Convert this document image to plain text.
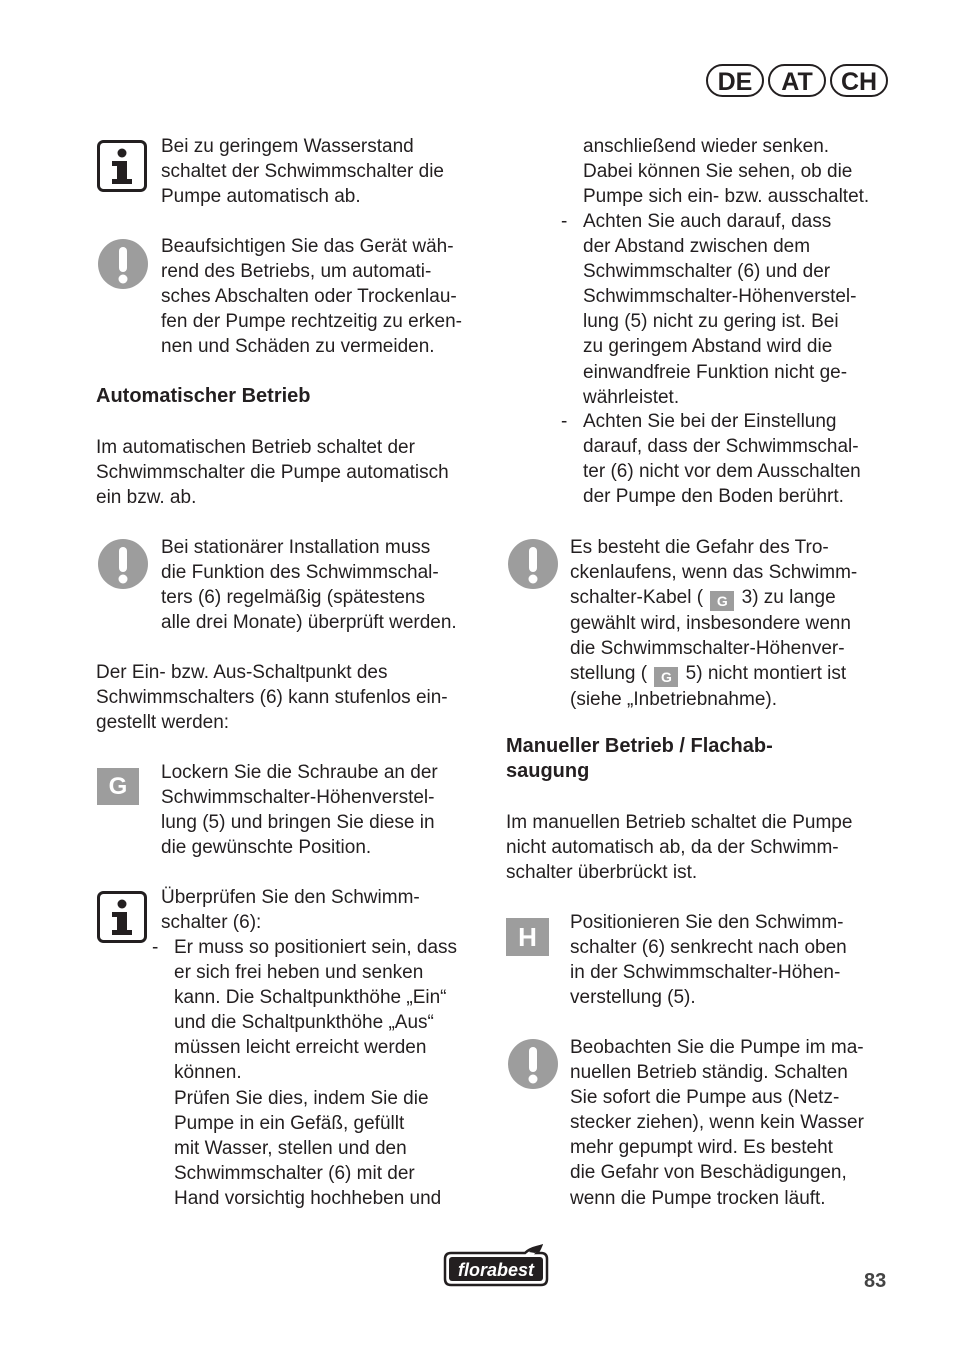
DE	AT	CH
Bei zu geringem Wasserstand
schaltet der Schwimmschalter die
Pumpe automatisch ab.
Beaufsichtigen Sie das Gerät wäh-
rend des Betriebs, um automati-
sches Abschalten oder Trockenlau-
fen der Pumpe rechtzeitig zu erken-
nen und Schäden zu vermeiden.
Automatischer Betrieb
Im automatischen Betrieb schaltet der
Schwimmschalter die Pumpe automatisch
ein bzw. ab.
Bei stationärer Installation muss
die Funktion des Schwimmschal-
ters (6) regelmäßig (spätestens
alle drei Monate) überprüft werden.
Der Ein- bzw. Aus-Schaltpunkt des
Schwimmschalters (6) kann stufenlos ein-
gestellt werden:
G	Lockern Sie die Schraube an der
Schwimmschalter-Höhenverstel-
lung (5) und bringen Sie diese in
die gewünschte Position.
Überprüfen Sie den Schwimm-
schalter (6):
- Er muss so positioniert sein, dass
er sich frei heben und senken
kann. Die Schaltpunkthöhe „Ein“
und die Schaltpunkthöhe „Aus“
müssen leicht erreicht werden
können.
Prüfen Sie dies, indem Sie die
Pumpe in ein Gefäß, gefüllt
mit Wasser, stellen und den
Schwimmschalter (6) mit der
Hand vorsichtig hochheben und
anschließend wieder senken.
Dabei können Sie sehen, ob die
Pumpe sich ein- bzw. ausschaltet.
- Achten Sie auch darauf, dass
der Abstand zwischen dem
Schwimmschalter (6) und der
Schwimmschalter-Höhenverstel-
lung (5) nicht zu gering ist. Bei
zu geringem Abstand wird die
einwandfreie Funktion nicht ge-
währleistet.
- Achten Sie bei der Einstellung
darauf, dass der Schwimmschal-
ter (6) nicht vor dem Ausschalten
der Pumpe den Boden berührt.
Es besteht die Gefahr des Tro-
ckenlaufens, wenn das Schwimm-
schalter-Kabel ( G 3) zu lange
gewählt wird, insbesondere wenn
die Schwimmschalter-Höhenver-
stellung ( G 5) nicht montiert ist
(siehe „Inbetriebnahme).
Manueller Betrieb / Flachab-
saugung
Im manuellen Betrieb schaltet die Pumpe
nicht automatisch ab, da der Schwimm-
schalter überbrückt ist.
H	Positionieren Sie den Schwimm-
schalter (6) senkrecht nach oben
in der Schwimmschalter-Höhen-
verstellung (5).
Beobachten Sie die Pumpe im ma-
nuellen Betrieb ständig. Schalten
Sie sofort die Pumpe aus (Netz-
stecker ziehen), wenn kein Wasser
mehr gepumpt wird. Es besteht
die Gefahr von Beschädigungen,
wenn die Pumpe trocken läuft.
florabest	83
